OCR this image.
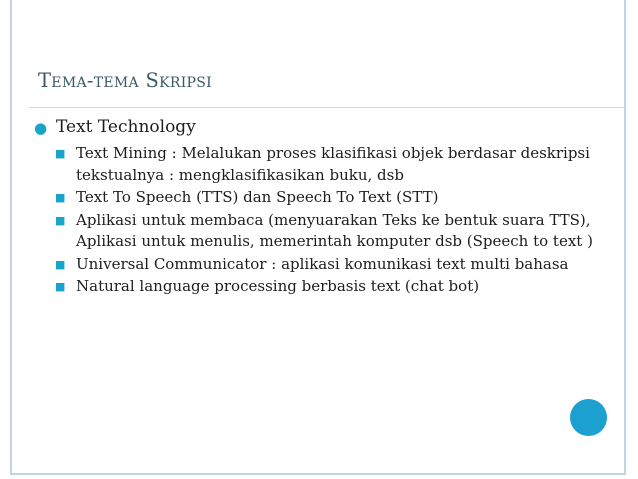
Tema-tema Skripsi
● Text Technology
■ Text Mining : Melalukan proses klasifikasi objek berdasar deskripsi tekstualnya : mengklasifikasikan buku, dsb
■ Text To Speech (TTS) dan Speech To Text (STT)
■ Aplikasi untuk membaca (menyuarakan Teks ke bentuk suara TTS), Aplikasi untuk menulis, memerintah komputer dsb (Speech to text )
■ Universal Communicator : aplikasi komunikasi text multi bahasa
■ Natural language processing berbasis text (chat bot)
